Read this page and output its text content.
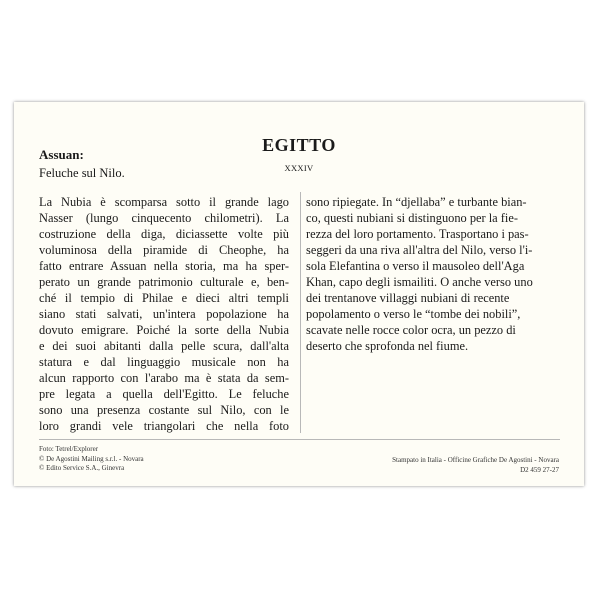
Assuan:
Feluche sul Nilo.
EGITTO
XXXIV
La Nubia è scomparsa sotto il grande lago
Nasser (lungo cinquecento chilometri). La
costruzione della diga, diciassette volte più
voluminosa della piramide di Cheophe, ha
fatto entrare Assuan nella storia, ma ha sper-
perato un grande patrimonio culturale e, ben-
ché il tempio di Philae e dieci altri templi
siano stati salvati, un'intera popolazione ha
dovuto emigrare. Poiché la sorte della Nubia
e dei suoi abitanti dalla pelle scura, dall'alta
statura e dal linguaggio musicale non ha
alcun rapporto con l'arabo ma è stata da sem-
pre legata a quella dell'Egitto. Le feluche
sono una presenza costante sul Nilo, con le
loro grandi vele triangolari che nella foto
sono ripiegate. In “djellaba” e turbante bian-
co, questi nubiani si distinguono per la fie-
rezza del loro portamento. Trasportano i pas-
seggeri da una riva all'altra del Nilo, verso l'i-
sola Elefantina o verso il mausoleo dell'Aga
Khan, capo degli ismailiti. O anche verso uno
dei trentanove villaggi nubiani di recente
popolamento o verso le “tombe dei nobili”,
scavate nelle rocce color ocra, un pezzo di
deserto che sprofonda nel fiume.
Foto: Tetrel/Explorer
© De Agostini Mailing s.r.l. - Novara
© Edito Service S.A., Ginevra
Stampato in Italia - Officine Grafiche De Agostini - Novara
D2 459 27-27
